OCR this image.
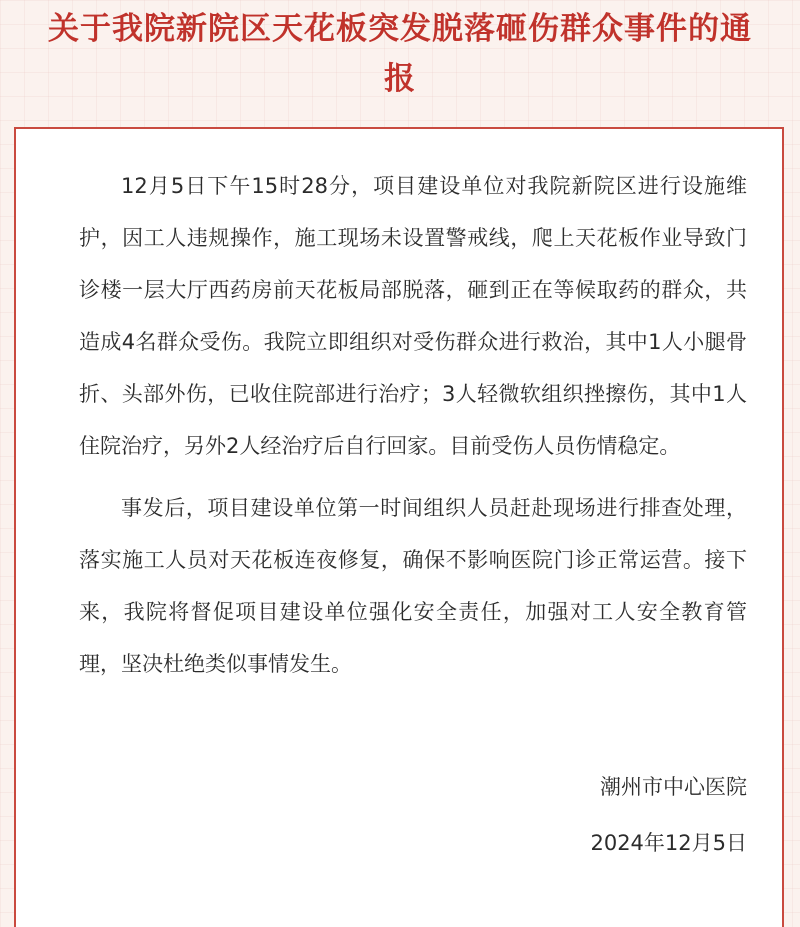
关于我院新院区天花板突发脱落砸伤群众事件的通报

12月5日下午15时28分，项目建设单位对我院新院区进行设施维护，因工人违规操作，施工现场未设置警戒线，爬上天花板作业导致门诊楼一层大厅西药房前天花板局部脱落，砸到正在等候取药的群众，共造成4名群众受伤。我院立即组织对受伤群众进行救治，其中1人小腿骨折、头部外伤，已收住院部进行治疗；3人轻微软组织挫擦伤，其中1人住院治疗，另外2人经治疗后自行回家。目前受伤人员伤情稳定。

事发后，项目建设单位第一时间组织人员赶赴现场进行排查处理，落实施工人员对天花板连夜修复，确保不影响医院门诊正常运营。接下来，我院将督促项目建设单位强化安全责任，加强对工人安全教育管理，坚决杜绝类似事情发生。

潮州市中心医院
2024年12月5日
